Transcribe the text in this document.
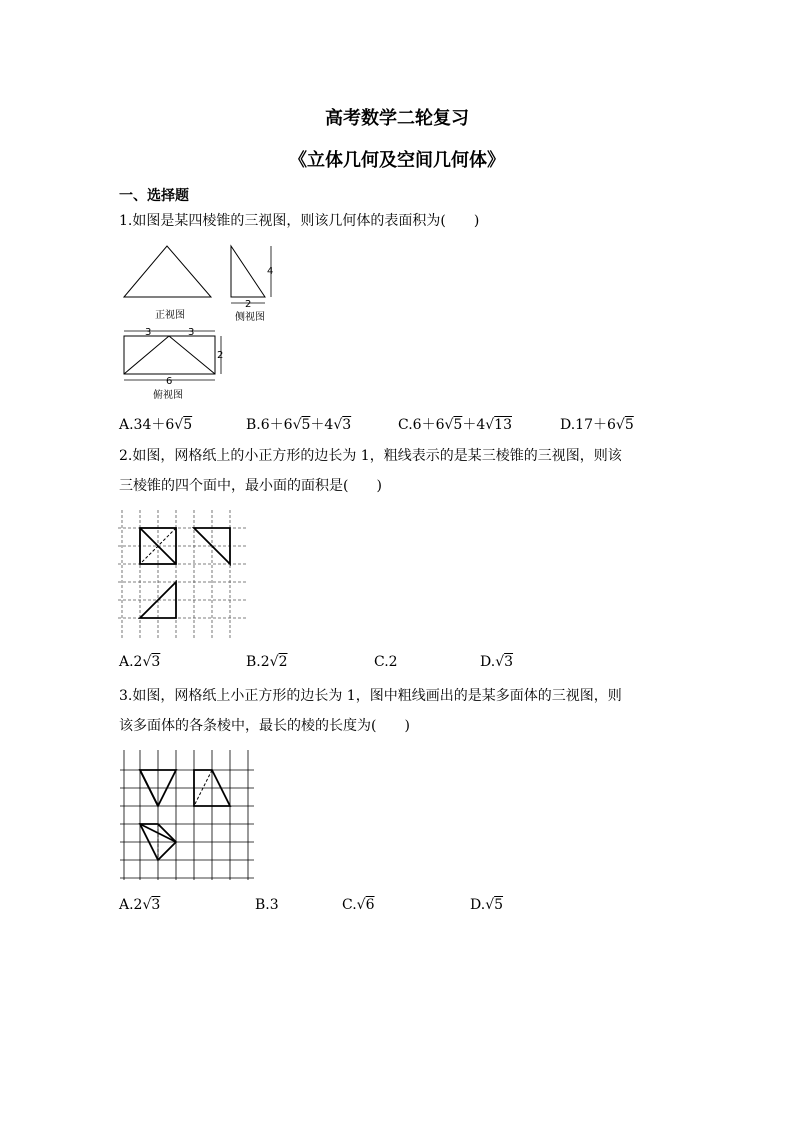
高考数学二轮复习
《立体几何及空间几何体》
一、选择题
1.如图是某四棱锥的三视图，则该几何体的表面积为(　　)
正视图
4
2
侧视图
3	3
2
6
俯视图
A.34＋6√5	B.6＋6√5＋4√3	C.6＋6√5＋4√13	D.17＋6√5
2.如图，网格纸上的小正方形的边长为 1，粗线表示的是某三棱锥的三视图，则该
三棱锥的四个面中，最小面的面积是(　　)
A.2√3	B.2√2	C.2	D.√3
3.如图，网格纸上小正方形的边长为 1，图中粗线画出的是某多面体的三视图，则
该多面体的各条棱中，最长的棱的长度为(　　)
A.2√3	B.3	C.√6	D.√5
